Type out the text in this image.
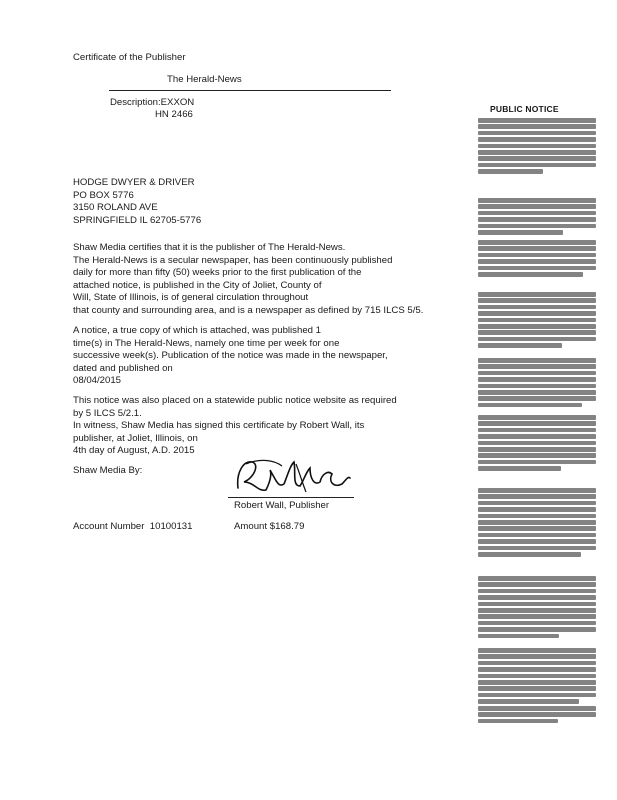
Certificate of the Publisher
The Herald-News
Description:EXXON
HN 2466
HODGE DWYER & DRIVER
PO BOX 5776
3150 ROLAND AVE
SPRINGFIELD IL 62705-5776
Shaw Media certifies that it is the publisher of The Herald-News.
The Herald-News is a secular newspaper, has been continuously published
daily for more than fifty (50) weeks prior to the first publication of the
attached notice, is published in the City of Joliet, County of
Will, State of Illinois, is of general circulation throughout
that county and surrounding area, and is a newspaper as defined by 715 ILCS 5/5.
A notice, a true copy of which is attached, was published 1
time(s) in The Herald-News, namely one time per week for one
successive week(s). Publication of the notice was made in the newspaper,
dated and published on
08/04/2015
This notice was also placed on a statewide public notice website as required
by 5 ILCS 5/2.1.
In witness, Shaw Media has signed this certificate by Robert Wall, its
publisher, at Joliet, Illinois, on
4th day of August, A.D. 2015
Shaw Media By:
Robert Wall, Publisher
Account Number 10100131	Amount $168.79
PUBLIC NOTICE
